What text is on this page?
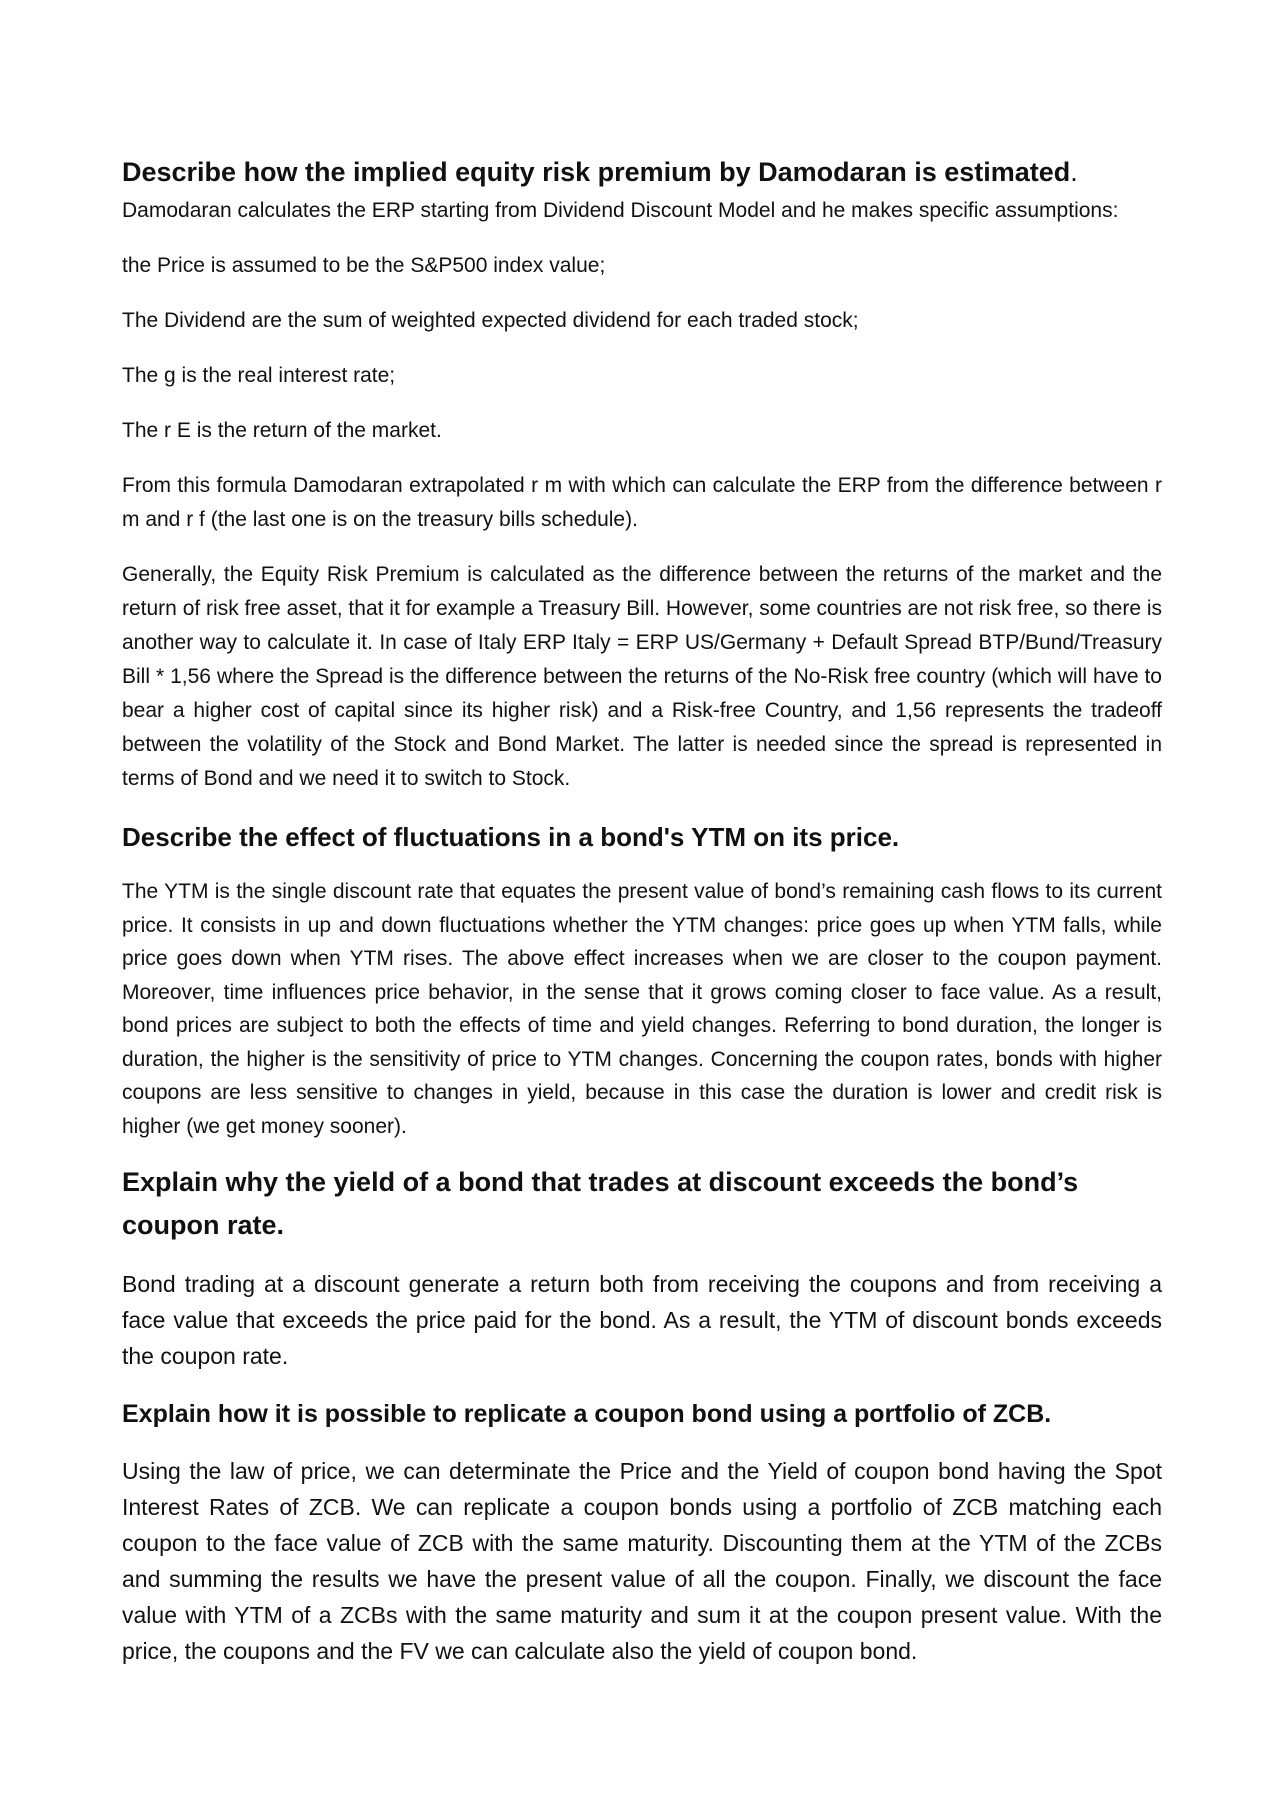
Describe how the implied equity risk premium by Damodaran is estimated.

Damodaran calculates the ERP starting from Dividend Discount Model and he makes specific assumptions:

the Price is assumed to be the S&P500 index value;

The Dividend are the sum of weighted expected dividend for each traded stock;

The g is the real interest rate;

The r E is the return of the market.

From this formula Damodaran extrapolated r m with which can calculate the ERP from the difference between r m and r f (the last one is on the treasury bills schedule).

Generally, the Equity Risk Premium is calculated as the difference between the returns of the market and the return of risk free asset, that it for example a Treasury Bill. However, some countries are not risk free, so there is another way to calculate it. In case of Italy ERP Italy = ERP US/Germany + Default Spread BTP/Bund/Treasury Bill * 1,56 where the Spread is the difference between the returns of the No-Risk free country (which will have to bear a higher cost of capital since its higher risk) and a Risk-free Country, and 1,56 represents the tradeoff between the volatility of the Stock and Bond Market. The latter is needed since the spread is represented in terms of Bond and we need it to switch to Stock.

Describe the effect of fluctuations in a bond's YTM on its price.

The YTM is the single discount rate that equates the present value of bond’s remaining cash flows to its current price. It consists in up and down fluctuations whether the YTM changes: price goes up when YTM falls, while price goes down when YTM rises. The above effect increases when we are closer to the coupon payment. Moreover, time influences price behavior, in the sense that it grows coming closer to face value. As a result, bond prices are subject to both the effects of time and yield changes. Referring to bond duration, the longer is duration, the higher is the sensitivity of price to YTM changes. Concerning the coupon rates, bonds with higher coupons are less sensitive to changes in yield, because in this case the duration is lower and credit risk is higher (we get money sooner).

Explain why the yield of a bond that trades at discount exceeds the bond’s coupon rate.

Bond trading at a discount generate a return both from receiving the coupons and from receiving a face value that exceeds the price paid for the bond. As a result, the YTM of discount bonds exceeds the coupon rate.

Explain how it is possible to replicate a coupon bond using a portfolio of ZCB.

Using the law of price, we can determinate the Price and the Yield of coupon bond having the Spot Interest Rates of ZCB. We can replicate a coupon bonds using a portfolio of ZCB matching each coupon to the face value of ZCB with the same maturity. Discounting them at the YTM of the ZCBs and summing the results we have the present value of all the coupon. Finally, we discount the face value with YTM of a ZCBs with the same maturity and sum it at the coupon present value. With the price, the coupons and the FV we can calculate also the yield of coupon bond.
